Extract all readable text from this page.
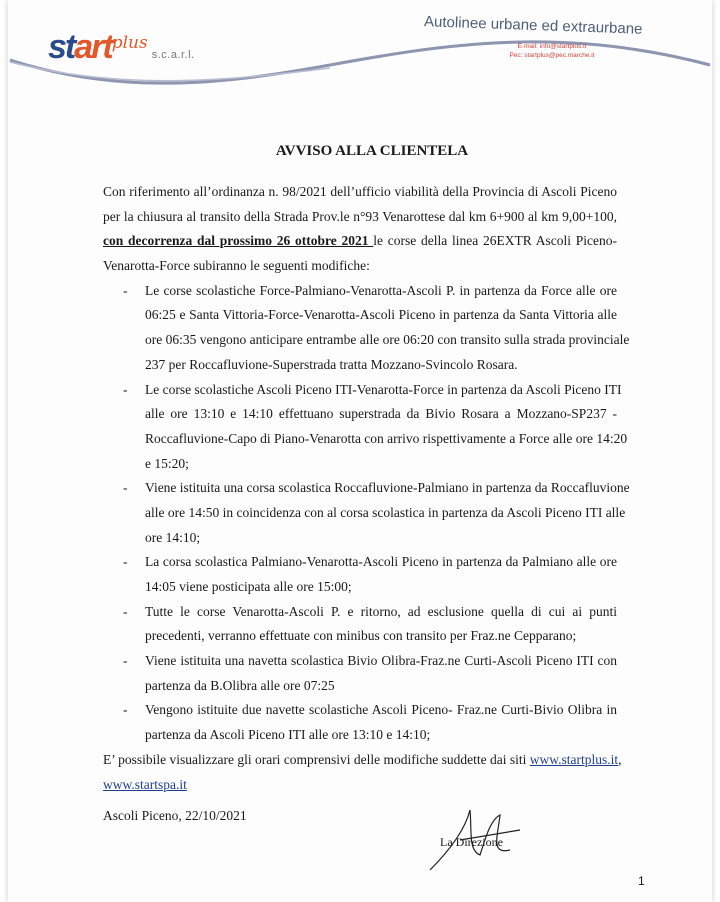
start$^{plus}$s.c.a.r.l.
Autolinee urbane ed extraurbane
E-mail: info@startplus.it
Pec: startplus@pec.marche.it
AVVISO ALLA CLIENTELA
Con riferimento all’ordinanza n. 98/2021 dell’ufficio viabilità della Provincia di Ascoli Piceno
per la chiusura al transito della Strada Prov.le n°93 Venarottese dal km 6+900 al km 9,00+100,
con decorrenza dal prossimo 26 ottobre 2021 le corse della linea 26EXTR Ascoli Piceno-
Venarotta-Force subiranno le seguenti modifiche:
- Le corse scolastiche Force-Palmiano-Venarotta-Ascoli P. in partenza da Force alle ore
06:25 e Santa Vittoria-Force-Venarotta-Ascoli Piceno in partenza da Santa Vittoria alle
ore 06:35 vengono anticipare entrambe alle ore 06:20 con transito sulla strada provinciale
237 per Roccafluvione-Superstrada tratta Mozzano-Svincolo Rosara.
- Le corse scolastiche Ascoli Piceno ITI-Venarotta-Force in partenza da Ascoli Piceno ITI
alle ore 13:10 e 14:10 effettuano superstrada da Bivio Rosara a Mozzano-SP237 -
Roccafluvione-Capo di Piano-Venarotta con arrivo rispettivamente a Force alle ore 14:20
e 15:20;
- Viene istituita una corsa scolastica Roccafluvione-Palmiano in partenza da Roccafluvione
alle ore 14:50 in coincidenza con al corsa scolastica in partenza da Ascoli Piceno ITI alle
ore 14:10;
- La corsa scolastica Palmiano-Venarotta-Ascoli Piceno in partenza da Palmiano alle ore
14:05 viene posticipata alle ore 15:00;
- Tutte le corse Venarotta-Ascoli P. e ritorno, ad esclusione quella di cui ai punti
precedenti, verranno effettuate con minibus con transito per Fraz.ne Cepparano;
- Viene istituita una navetta scolastica Bivio Olibra-Fraz.ne Curti-Ascoli Piceno ITI con
partenza da B.Olibra alle ore 07:25
- Vengono istituite due navette scolastiche Ascoli Piceno- Fraz.ne Curti-Bivio Olibra in
partenza da Ascoli Piceno ITI alle ore 13:10 e 14:10;
E’ possibile visualizzare gli orari comprensivi delle modifiche suddette dai siti www.startplus.it,
www.startspa.it
Ascoli Piceno, 22/10/2021
La Direzione
1
